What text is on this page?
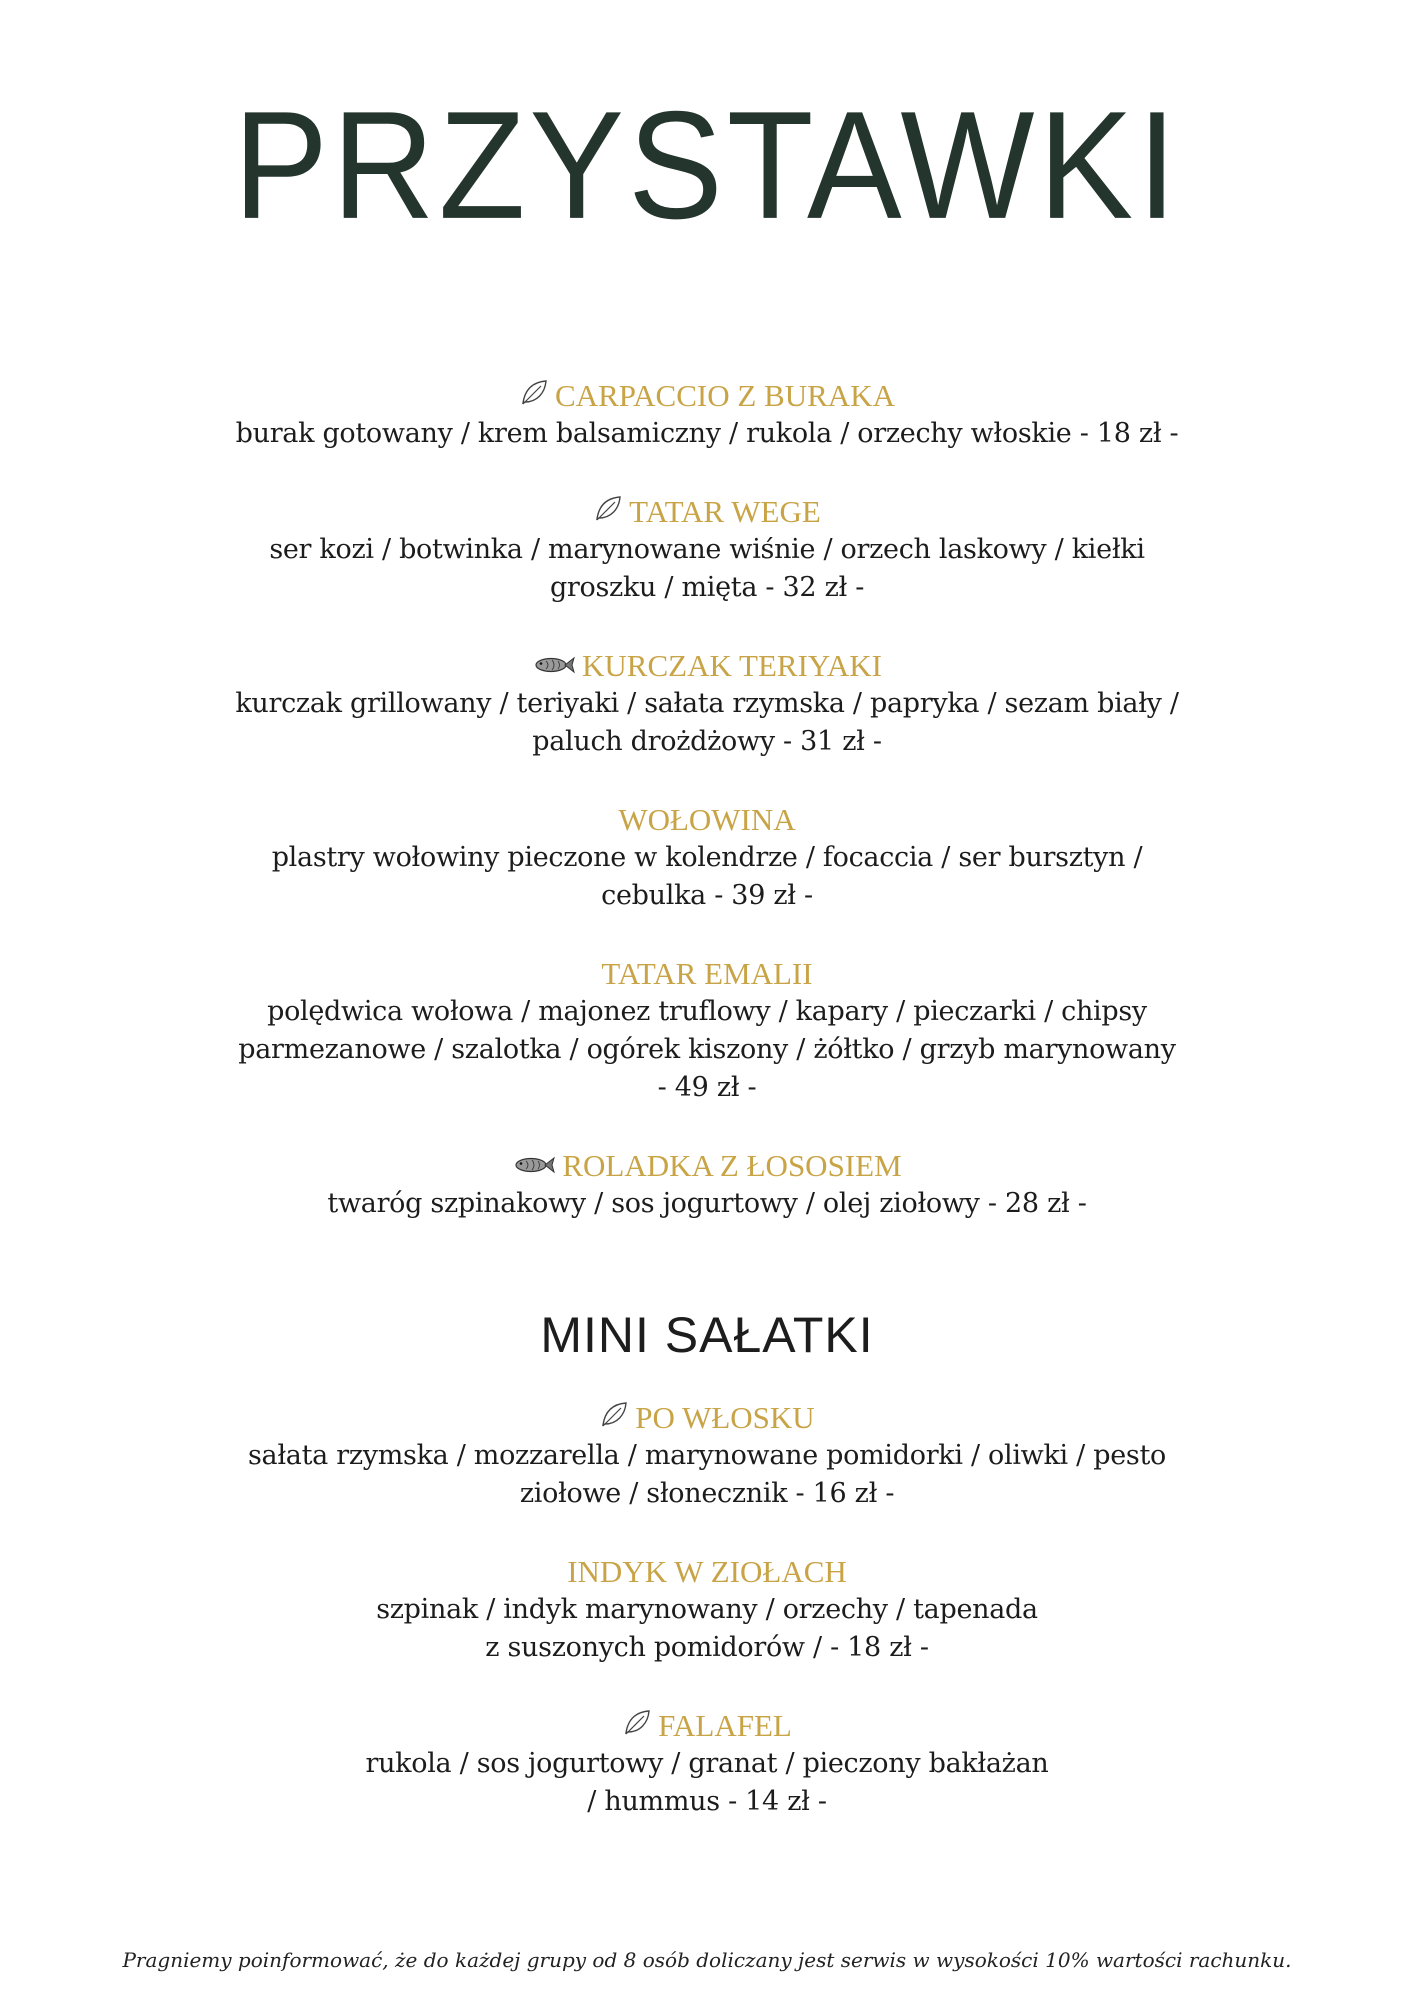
PRZYSTAWKI
CARPACCIO Z BURAKA
burak gotowany / krem balsamiczny / rukola / orzechy włoskie - 18 zł -
TATAR WEGE
ser kozi / botwinka / marynowane wiśnie / orzech laskowy / kiełki
groszku / mięta - 32 zł -
KURCZAK TERIYAKI
kurczak grillowany / teriyaki / sałata rzymska / papryka / sezam biały /
paluch drożdżowy - 31 zł -
WOŁOWINA
plastry wołowiny pieczone w kolendrze / focaccia / ser bursztyn /
cebulka - 39 zł -
TATAR EMALII
polędwica wołowa / majonez truflowy / kapary / pieczarki / chipsy
parmezanowe / szalotka / ogórek kiszony / żółtko / grzyb marynowany
- 49 zł -
ROLADKA Z ŁOSOSIEM
twaróg szpinakowy / sos jogurtowy / olej ziołowy - 28 zł -
MINI SAŁATKI
PO WŁOSKU
sałata rzymska / mozzarella / marynowane pomidorki / oliwki / pesto
ziołowe / słonecznik - 16 zł -
INDYK W ZIOŁACH
szpinak / indyk marynowany / orzechy / tapenada
z suszonych pomidorów / - 18 zł -
FALAFEL
rukola / sos jogurtowy / granat / pieczony bakłażan
/ hummus - 14 zł -
Pragniemy poinformować, że do każdej grupy od 8 osób doliczany jest serwis w wysokości 10% wartości rachunku.
